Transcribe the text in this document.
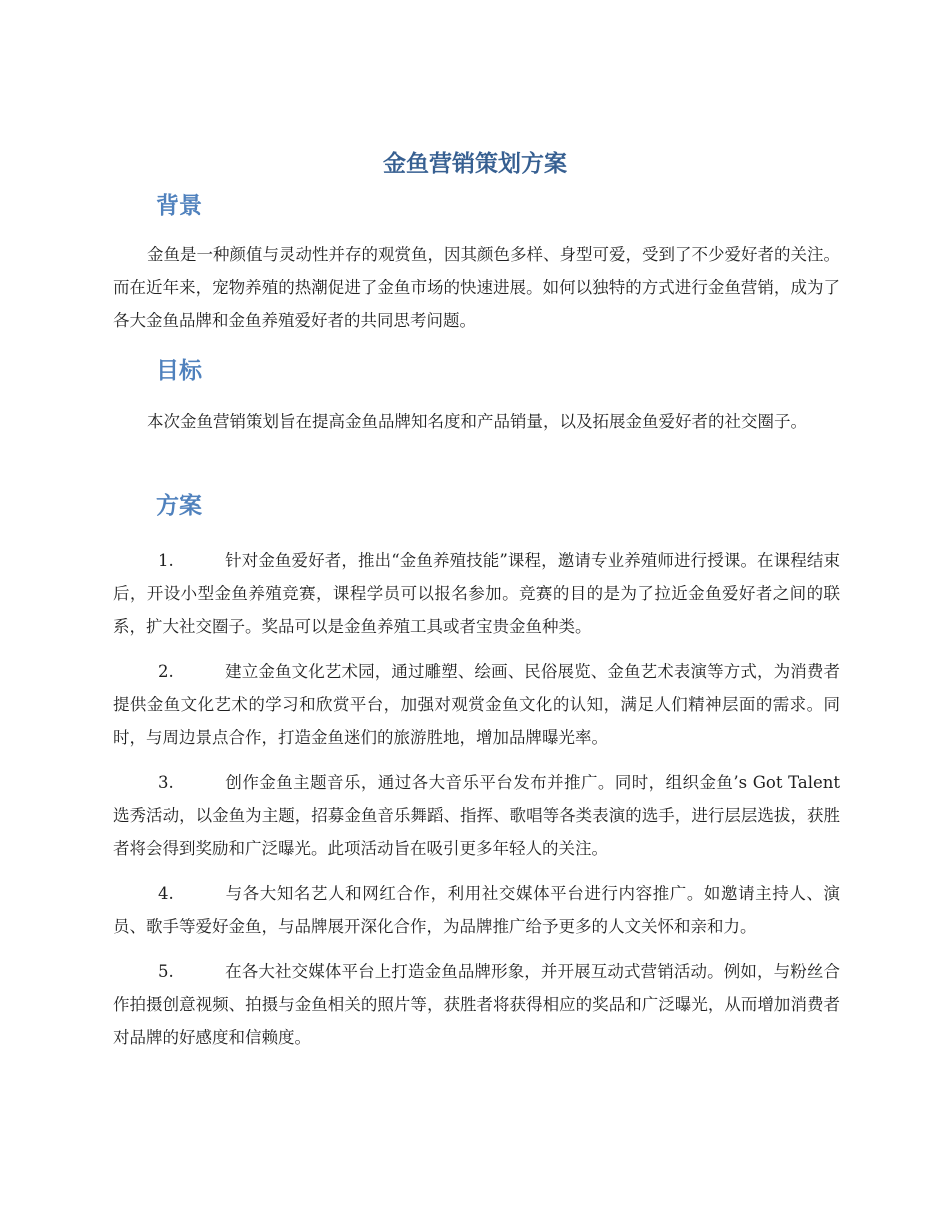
金鱼营销策划方案
背景

金鱼是一种颜值与灵动性并存的观赏鱼，因其颜色多样、身型可爱，受到了不少爱好者的关注。而在近年来，宠物养殖的热潮促进了金鱼市场的快速进展。如何以独特的方式进行金鱼营销，成为了各大金鱼品牌和金鱼养殖爱好者的共同思考问题。

目标

本次金鱼营销策划旨在提高金鱼品牌知名度和产品销量，以及拓展金鱼爱好者的社交圈子。

方案

1.	针对金鱼爱好者，推出“金鱼养殖技能”课程，邀请专业养殖师进行授课。在课程结束后，开设小型金鱼养殖竞赛，课程学员可以报名参加。竞赛的目的是为了拉近金鱼爱好者之间的联系，扩大社交圈子。奖品可以是金鱼养殖工具或者宝贵金鱼种类。

2.	建立金鱼文化艺术园，通过雕塑、绘画、民俗展览、金鱼艺术表演等方式，为消费者提供金鱼文化艺术的学习和欣赏平台，加强对观赏金鱼文化的认知，满足人们精神层面的需求。同时，与周边景点合作，打造金鱼迷们的旅游胜地，增加品牌曝光率。

3.	创作金鱼主题音乐，通过各大音乐平台发布并推广。同时，组织金鱼’s Got Talent 选秀活动，以金鱼为主题，招募金鱼音乐舞蹈、指挥、歌唱等各类表演的选手，进行层层选拔，获胜者将会得到奖励和广泛曝光。此项活动旨在吸引更多年轻人的关注。

4.	与各大知名艺人和网红合作，利用社交媒体平台进行内容推广。如邀请主持人、演员、歌手等爱好金鱼，与品牌展开深化合作，为品牌推广给予更多的人文关怀和亲和力。

5.	在各大社交媒体平台上打造金鱼品牌形象，并开展互动式营销活动。例如，与粉丝合作拍摄创意视频、拍摄与金鱼相关的照片等，获胜者将获得相应的奖品和广泛曝光，从而增加消费者对品牌的好感度和信赖度。
